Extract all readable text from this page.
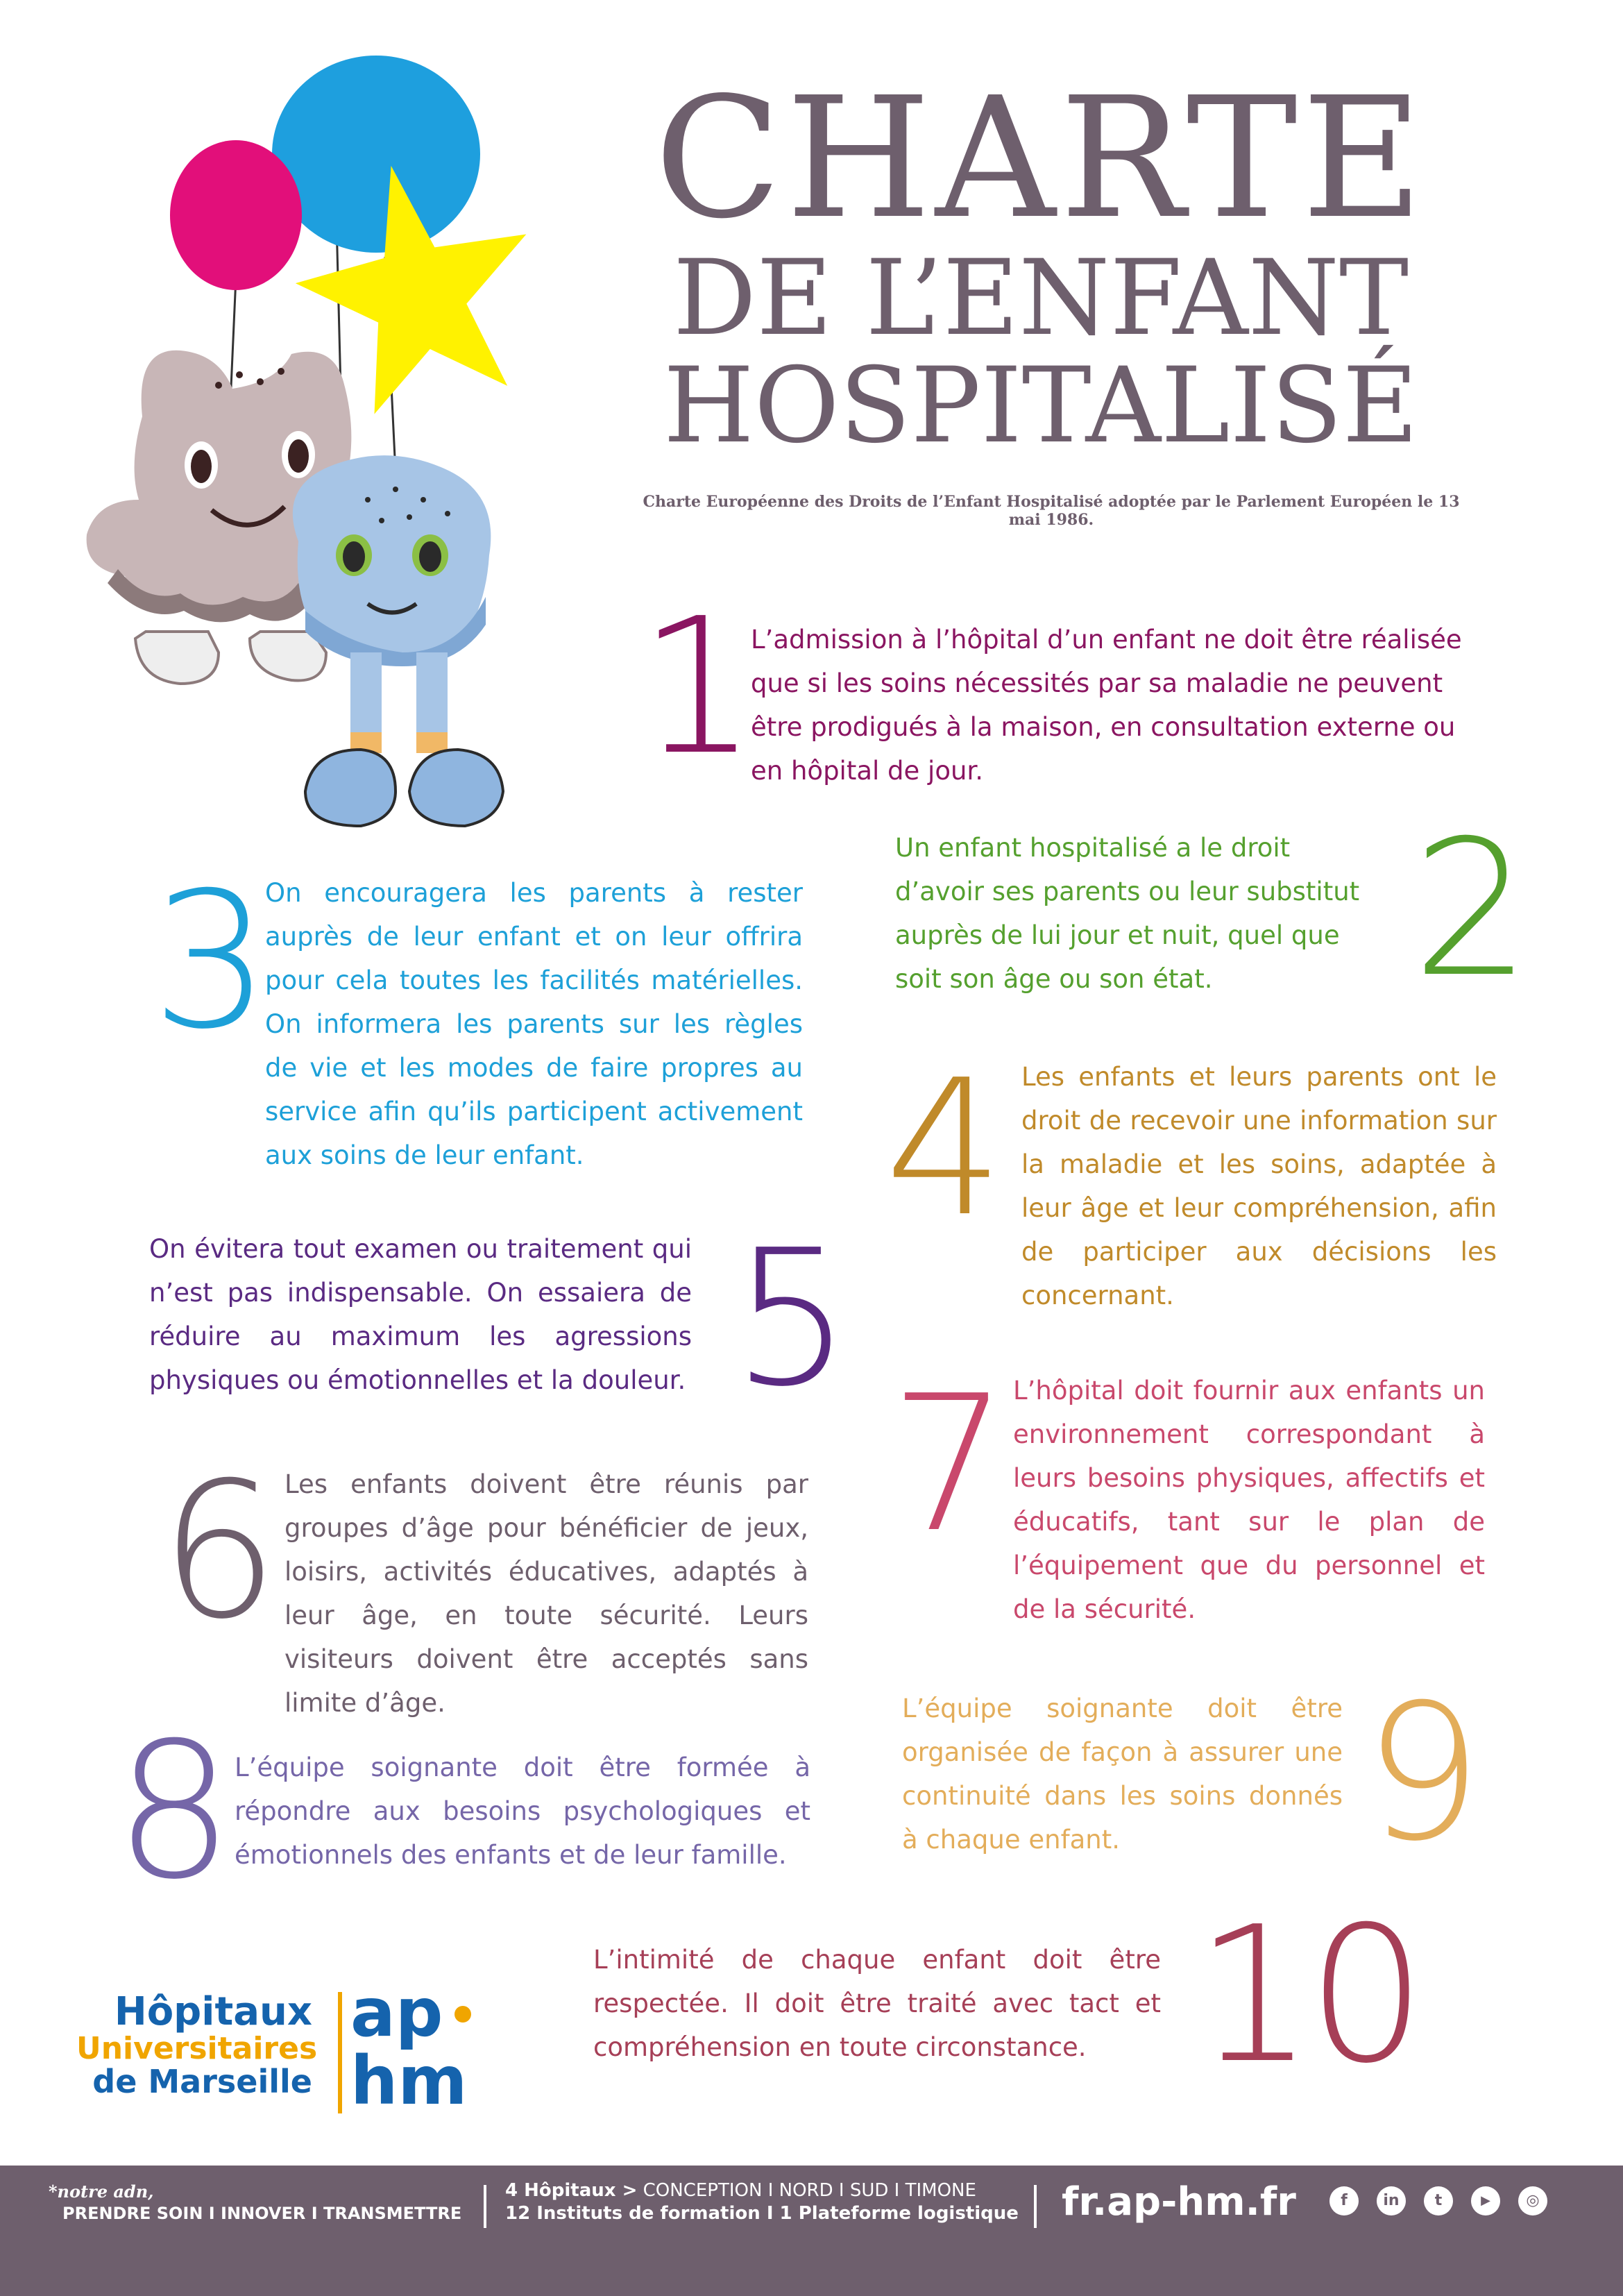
CHARTE
DE L’ENFANT
HOSPITALISÉ
Charte Européenne des Droits de l’Enfant Hospitalisé adoptée par le Parlement Européen le 13 mai 1986.
1

L’admission à l’hôpital d’un enfant ne doit être réalisée que si les soins nécessités par sa maladie ne peuvent être prodigués à la maison, en consultation externe ou en hôpital de jour.

Un enfant hospitalisé a le droit d’avoir ses parents ou leur substitut auprès de lui jour et nuit, quel que soit son âge ou son état.	2
3

On encouragera les parents à rester auprès de leur enfant et on leur offrira pour cela toutes les facilités matérielles. On informera les parents sur les règles de vie et les modes de faire propres au service afin qu’ils participent activement aux soins de leur enfant.	4 Les enfants et leurs parents ont le droit de recevoir une information sur la maladie et les soins, adaptée à leur âge et leur compréhension, afin de participer aux décisions les concernant.

On évitera tout examen ou traitement qui n’est pas indispensable. On essaiera de réduire au maximum les agressions physiques ou émotionnelles et la douleur. 5
6 Les enfants doivent être réunis par groupes d’âge pour bénéficier de jeux, loisirs, activités éducatives, adaptés à leur âge, en toute sécurité. Leurs visiteurs doivent être acceptés sans limite d’âge.

7 L’hôpital doit fournir aux enfants un environnement correspondant à leurs besoins physiques, affectifs et éducatifs, tant sur le plan de l’équipement que du personnel et de la sécurité.

8 L’équipe soignante doit être formée à répondre aux besoins psychologiques et émotionnels des enfants et de leur famille.

L’équipe soignante doit être organisée de façon à assurer une continuité dans les soins donnés à chaque enfant.	9

L’intimité de chaque enfant doit être respectée. Il doit être traité avec tact et compréhension en toute circonstance. 10
Hôpitaux
Universitaires
de Marseille
ap
hm
*notre adn,
PRENDRE SOIN I INNOVER I TRANSMETTRE
4 Hôpitaux > CONCEPTION I NORD I SUD I TIMONE
12 Instituts de formation I 1 Plateforme logistique fr.ap-hm.fr	f	in	t	▶	◎
